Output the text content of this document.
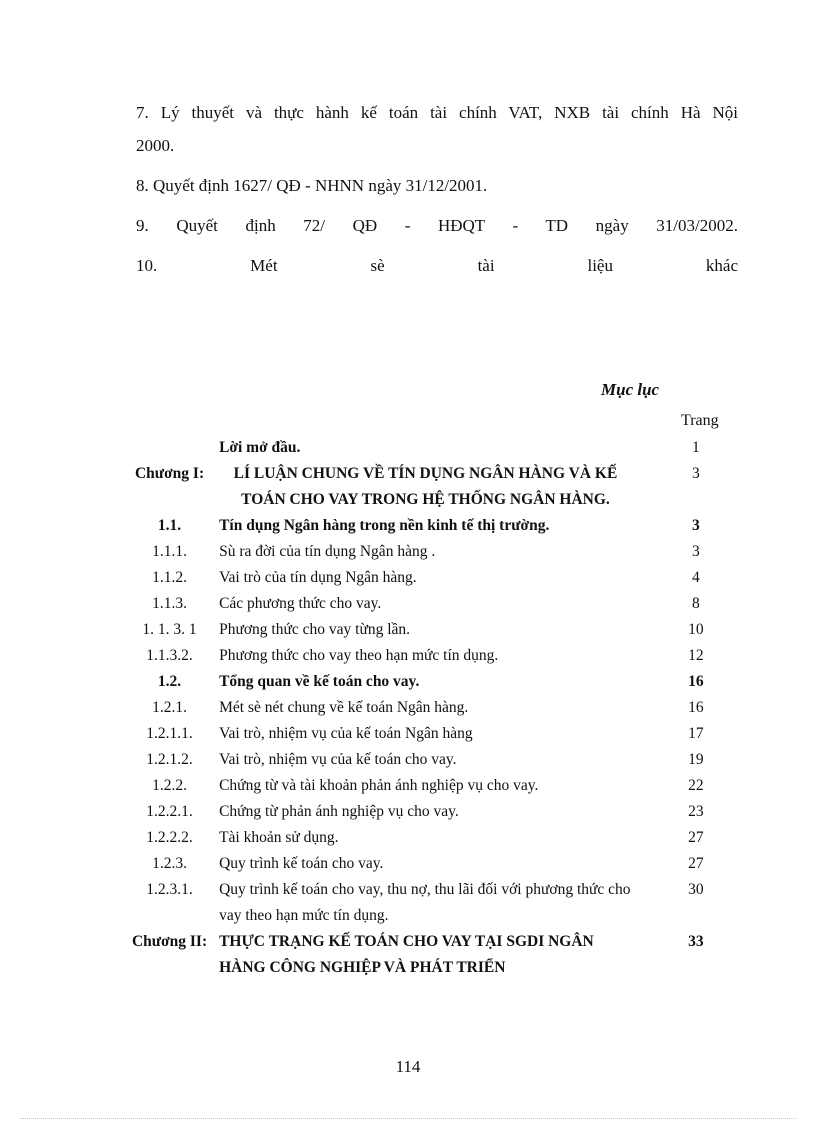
7. Lý thuyết và thực hành kế toán tài chính VAT, NXB tài chính Hà Nội
2000.
8. Quyết định 1627/ QĐ - NHNN ngày 31/12/2001.
9. Quyết định 72/ QĐ - HĐQT - TD ngày 31/03/2002.
10. Mét sè tài liệu khác
Mục lục
Trang
	Lời mở đầu.	1
Chương I:	LÍ LUẬN CHUNG VỀ TÍN DỤNG NGÂN HÀNG VÀ KẾ TOÁN CHO VAY TRONG HỆ THỐNG NGÂN HÀNG.	3
1.1.	Tín dụng Ngân hàng trong nền kinh tế thị trường.	3
1.1.1.	Sù ra đời của tín dụng Ngân hàng .	3
1.1.2.	Vai trò của tín dụng Ngân hàng.	4
1.1.3.	Các phương thức cho vay.	8
1. 1. 3. 1	Phương thức cho vay từng lần.	10
1.1.3.2.	Phương thức cho vay theo hạn mức tín dụng.	12
1.2.	Tổng quan về kế toán cho vay.	16
1.2.1.	Mét sè nét chung về kế toán Ngân hàng.	16
1.2.1.1.	Vai trò, nhiệm vụ của kế toán Ngân hàng	17
1.2.1.2.	Vai trò, nhiệm vụ của kế toán cho vay.	19
1.2.2.	Chứng từ và tài khoản phản ánh nghiệp vụ cho vay.	22
1.2.2.1.	Chứng từ phản ánh nghiệp vụ cho vay.	23
1.2.2.2.	Tài khoản sử dụng.	27
1.2.3.	Quy trình kế toán cho vay.	27
1.2.3.1.	Quy trình kế toán cho vay, thu nợ, thu lãi đối với phương thức cho vay theo hạn mức tín dụng.	30
Chương II:	THỰC TRẠNG KẾ TOÁN CHO VAY TẠI SGDI NGÂN HÀNG CÔNG NGHIỆP VÀ PHÁT TRIỂN	33
114
